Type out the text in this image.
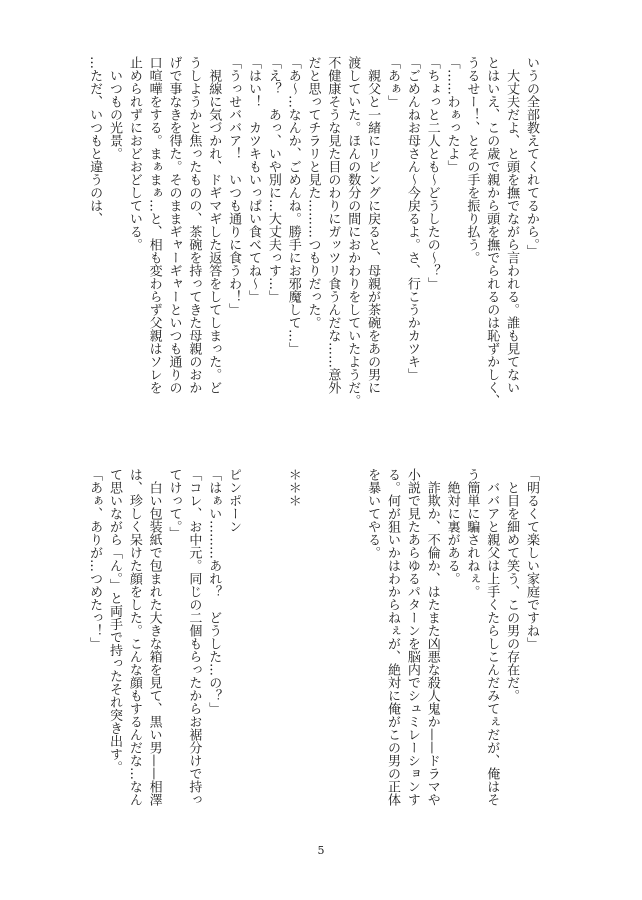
いうの全部教えてくれてるから。」
　大丈夫だよ、と頭を撫でながら言われる。誰も見てない
とはいえ、この歳で親から頭を撫でられるのは恥ずかしく、
うるせー！、とその手を振り払う。
「……わぁったよ」
「ちょっと二人とも〜どうしたの〜？」
「ごめんねお母さん〜今戻るよ。さ、行こうかカツキ」
「あぁ」
　親父と一緒にリビングに戻ると、母親が茶碗をあの男に
渡していた。ほんの数分の間におかわりをしていたようだ。
不健康そうな見た目のわりにガッツリ食うんだな……意外
だと思ってチラリと見た………つもりだった。
「あ〜…なんか、ごめんね。勝手にお邪魔して…」
「え？　あっ、いや別に…大丈夫っす…」
「はい！　カツキもいっぱい食べてね〜」
「うっせババア！　いつも通りに食うわ！」
　視線に気づかれ、ドギマギした返答をしてしまった。ど
うしようかと焦ったものの、茶碗を持ってきた母親のおか
げで事なきを得た。そのままギャーギャーといつも通りの
口喧嘩をする。まぁまぁ…と、相も変わらず父親はソレを
止められずにおどおどしている。
　いつもの光景。
…ただ、いつもと違うのは、
「明るくて楽しい家庭ですね」
　と目を細めて笑う、この男の存在だ。
　ババアと親父は上手くたらしこんだみてぇだが、俺はそ
う簡単に騙されねぇ。
　絶対に裏がある。
　詐欺か、不倫か、はたまた凶悪な殺人鬼か——ドラマや
小説で見たあらゆるパターンを脳内でシュミレーションす
る。何が狙いかはわからねぇが、絶対に俺がこの男の正体
を暴いてやる。
＊＊＊
ピンポーン
「はぁい………あれ？　どうした…の？」
「コレ、お中元。同じの二個もらったからお裾分けで持っ
てけって。」
　白い包装紙で包まれた大きな箱を見て、黒い男——相澤
は、珍しく呆けた顔をした。こんな顔もするんだな…なん
て思いながら「ん。」と両手で持ったそれ突き出す。
「あぁ、ありが…つめたっ！」
5
